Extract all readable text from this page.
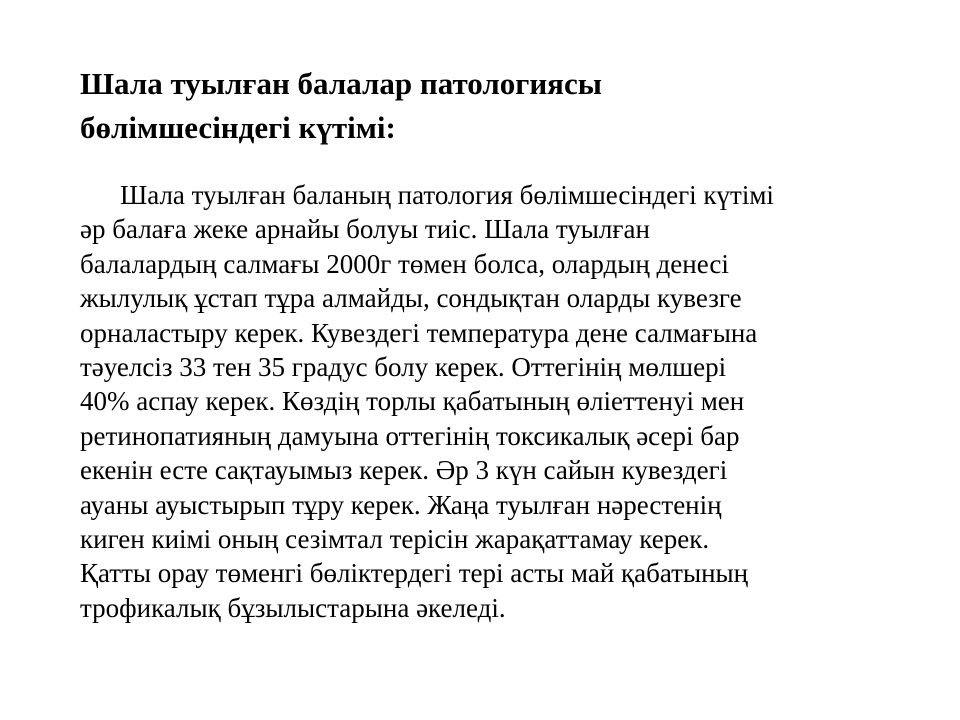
Шала туылған балалар патологиясы
бөлімшесіндегі күтімі:
Шала туылған баланың патология бөлімшесіндегі күтімі
әр балаға жеке арнайы болуы тиіс. Шала туылған
балалардың салмағы 2000г төмен болса, олардың денесі
жылулық ұстап тұра алмайды, сондықтан оларды кувезге
орналастыру керек. Кувездегі температура дене салмағына
тәуелсіз 33 тен 35 градус болу керек. Оттегінің мөлшері
40% аспау керек. Көздің торлы қабатының өліеттенуі мен
ретинопатияның дамуына оттегінің токсикалық әсері бар
екенін есте сақтауымыз керек. Әр 3 күн сайын кувездегі
ауаны ауыстырып тұру керек. Жаңа туылған нәрестенің
киген киімі оның сезімтал терісін жарақаттамау керек.
Қатты орау төменгі бөліктердегі тері асты май қабатының
трофикалық бұзылыстарына әкеледі.
